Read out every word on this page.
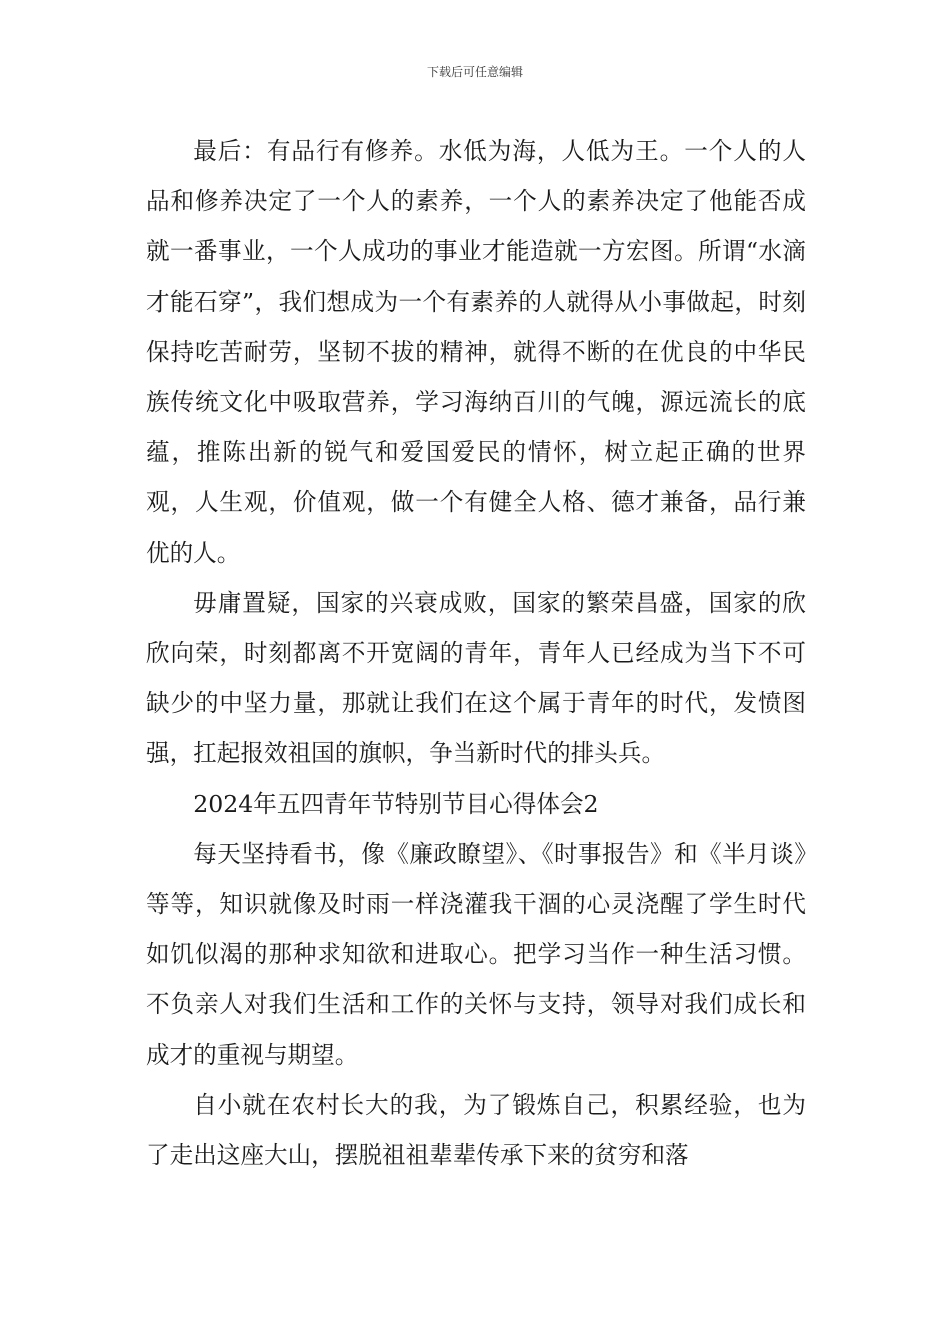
下载后可任意编辑

最后：有品行有修养。水低为海，人低为王。一个人的人品和修养决定了一个人的素养，一个人的素养决定了他能否成就一番事业，一个人成功的事业才能造就一方宏图。所谓“水滴才能石穿”，我们想成为一个有素养的人就得从小事做起，时刻保持吃苦耐劳，坚韧不拔的精神，就得不断的在优良的中华民族传统文化中吸取营养，学习海纳百川的气魄，源远流长的底蕴，推陈出新的锐气和爱国爱民的情怀，树立起正确的世界观，人生观，价值观，做一个有健全人格、德才兼备，品行兼优的人。

毋庸置疑，国家的兴衰成败，国家的繁荣昌盛，国家的欣欣向荣，时刻都离不开宽阔的青年，青年人已经成为当下不可缺少的中坚力量，那就让我们在这个属于青年的时代，发愤图强，扛起报效祖国的旗帜，争当新时代的排头兵。

2024年五四青年节特别节目心得体会2

每天坚持看书，像《廉政瞭望》、《时事报告》和《半月谈》等等，知识就像及时雨一样浇灌我干涸的心灵浇醒了学生时代如饥似渴的那种求知欲和进取心。把学习当作一种生活习惯。不负亲人对我们生活和工作的关怀与支持，领导对我们成长和成才的重视与期望。

自小就在农村长大的我，为了锻炼自己，积累经验，也为了走出这座大山，摆脱祖祖辈辈传承下来的贫穷和落
